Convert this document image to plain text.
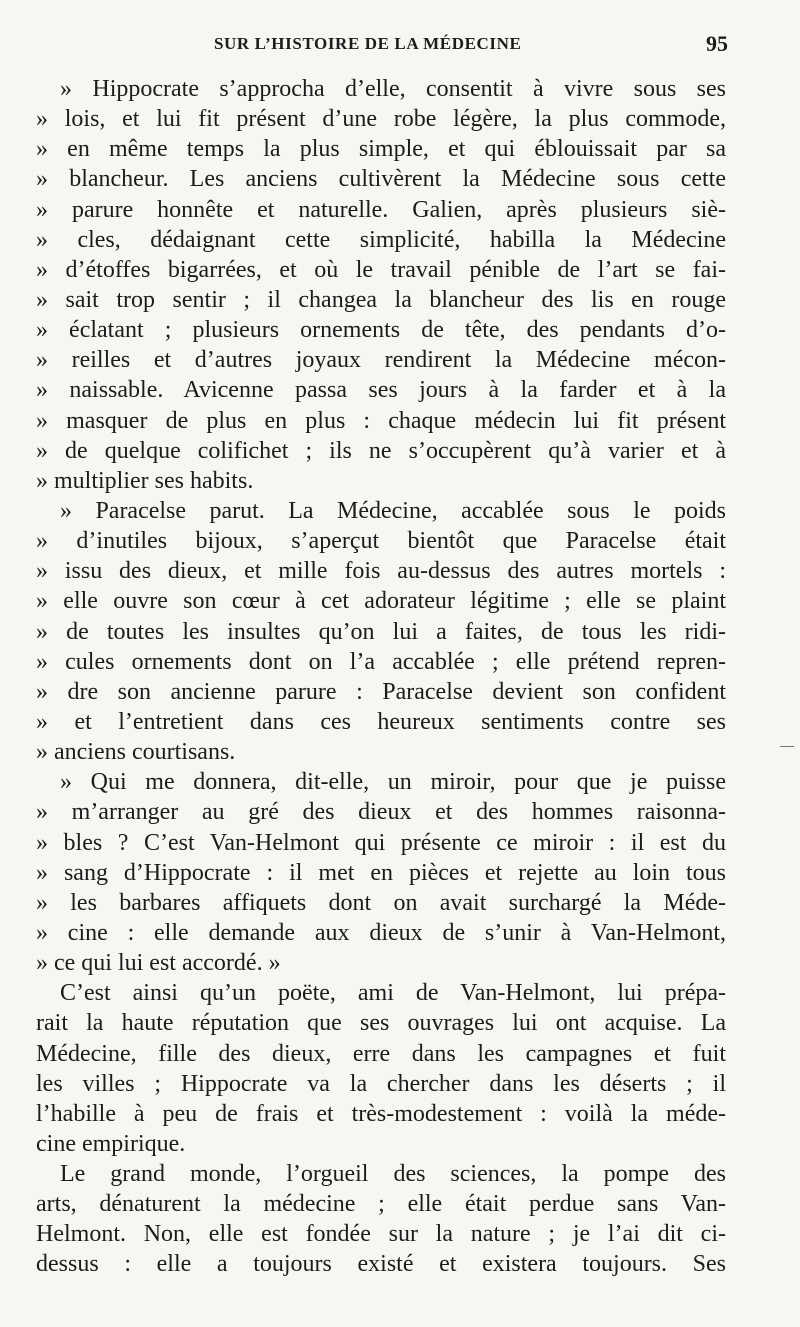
SUR L’HISTOIRE DE LA MÉDECINE	95
» Hippocrate s’approcha d’elle, consentit à vivre sous ses
» lois, et lui fit présent d’une robe légère, la plus commode,
» en même temps la plus simple, et qui éblouissait par sa
» blancheur. Les anciens cultivèrent la Médecine sous cette
» parure honnête et naturelle. Galien, après plusieurs siè-
» cles, dédaignant cette simplicité, habilla la Médecine
» d’étoffes bigarrées, et où le travail pénible de l’art se fai-
» sait trop sentir ; il changea la blancheur des lis en rouge
» éclatant ; plusieurs ornements de tête, des pendants d’o-
» reilles et d’autres joyaux rendirent la Médecine mécon-
» naissable. Avicenne passa ses jours à la farder et à la
» masquer de plus en plus : chaque médecin lui fit présent
» de quelque colifichet ; ils ne s’occupèrent qu’à varier et à
» multiplier ses habits.
» Paracelse parut. La Médecine, accablée sous le poids
» d’inutiles bijoux, s’aperçut bientôt que Paracelse était
» issu des dieux, et mille fois au-dessus des autres mortels :
» elle ouvre son cœur à cet adorateur légitime ; elle se plaint
» de toutes les insultes qu’on lui a faites, de tous les ridi-
» cules ornements dont on l’a accablée ; elle prétend repren-
» dre son ancienne parure : Paracelse devient son confident
» et l’entretient dans ces heureux sentiments contre ses
» anciens courtisans.
» Qui me donnera, dit-elle, un miroir, pour que je puisse
» m’arranger au gré des dieux et des hommes raisonna-
» bles ? C’est Van-Helmont qui présente ce miroir : il est du
» sang d’Hippocrate : il met en pièces et rejette au loin tous
» les barbares affiquets dont on avait surchargé la Méde-
» cine : elle demande aux dieux de s’unir à Van-Helmont,
» ce qui lui est accordé. »
C’est ainsi qu’un poëte, ami de Van-Helmont, lui prépa-
rait la haute réputation que ses ouvrages lui ont acquise. La
Médecine, fille des dieux, erre dans les campagnes et fuit
les villes ; Hippocrate va la chercher dans les déserts ; il
l’habille à peu de frais et très-modestement : voilà la méde-
cine empirique.
Le grand monde, l’orgueil des sciences, la pompe des
arts, dénaturent la médecine ; elle était perdue sans Van-
Helmont. Non, elle est fondée sur la nature ; je l’ai dit ci-
dessus : elle a toujours existé et existera toujours. Ses
